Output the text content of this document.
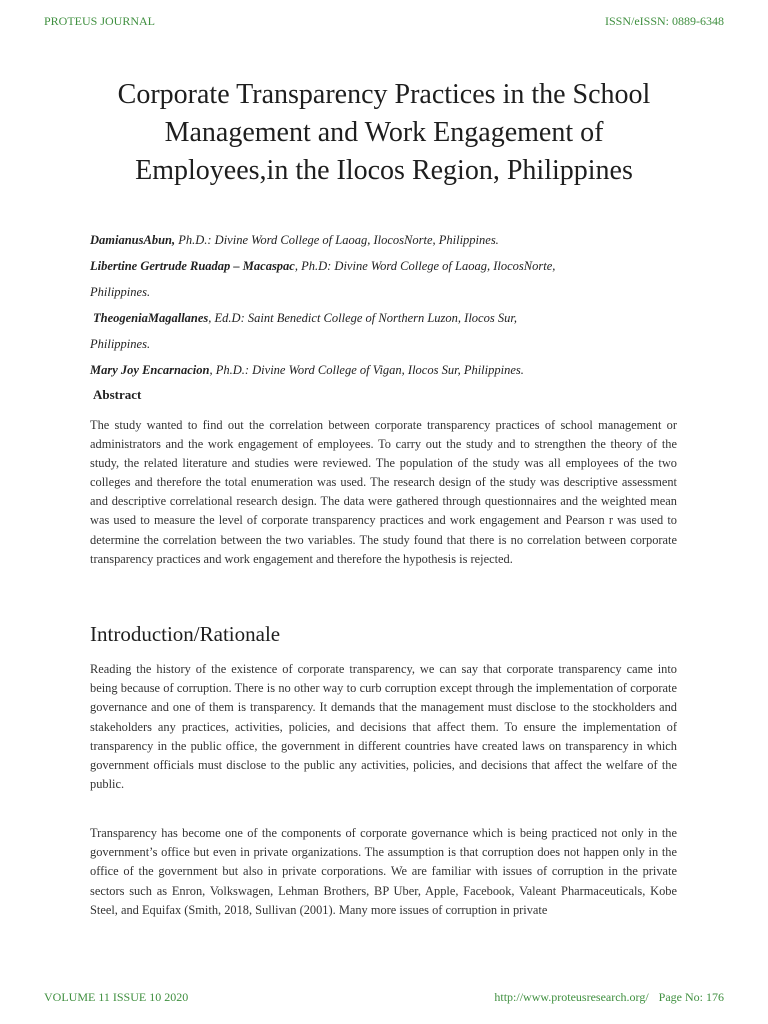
PROTEUS JOURNAL	ISSN/eISSN: 0889-6348
Corporate Transparency Practices in the School
Management and Work Engagement of
Employees,in the Ilocos Region, Philippines
DamianusAbun, Ph.D.: Divine Word College of Laoag, IlocosNorte, Philippines.
Libertine Gertrude Ruadap – Macaspac, Ph.D: Divine Word College of Laoag, IlocosNorte,
Philippines.
TheogeniaMagallanes, Ed.D: Saint Benedict College of Northern Luzon, Ilocos Sur,
Philippines.
Mary Joy Encarnacion, Ph.D.: Divine Word College of Vigan, Ilocos Sur, Philippines.
Abstract
The study wanted to find out the correlation between corporate transparency practices of school management or administrators and the work engagement of employees. To carry out the study and to strengthen the theory of the study, the related literature and studies were reviewed. The population of the study was all employees of the two colleges and therefore the total enumeration was used. The research design of the study was descriptive assessment and descriptive correlational research design. The data were gathered through questionnaires and the weighted mean was used to measure the level of corporate transparency practices and work engagement and Pearson r was used to determine the correlation between the two variables. The study found that there is no correlation between corporate transparency practices and work engagement and therefore the hypothesis is rejected.
Introduction/Rationale
Reading the history of the existence of corporate transparency, we can say that corporate transparency came into being because of corruption. There is no other way to curb corruption except through the implementation of corporate governance and one of them is transparency. It demands that the management must disclose to the stockholders and stakeholders any practices, activities, policies, and decisions that affect them. To ensure the implementation of transparency in the public office, the government in different countries have created laws on transparency in which government officials must disclose to the public any activities, policies, and decisions that affect the welfare of the public.
Transparency has become one of the components of corporate governance which is being practiced not only in the government’s office but even in private organizations. The assumption is that corruption does not happen only in the office of the government but also in private corporations. We are familiar with issues of corruption in the private sectors such as Enron, Volkswagen, Lehman Brothers, BP Uber, Apple, Facebook, Valeant Pharmaceuticals, Kobe Steel, and Equifax (Smith, 2018, Sullivan (2001). Many more issues of corruption in private
VOLUME 11 ISSUE 10 2020	http://www.proteusresearch.org/ Page No: 176
